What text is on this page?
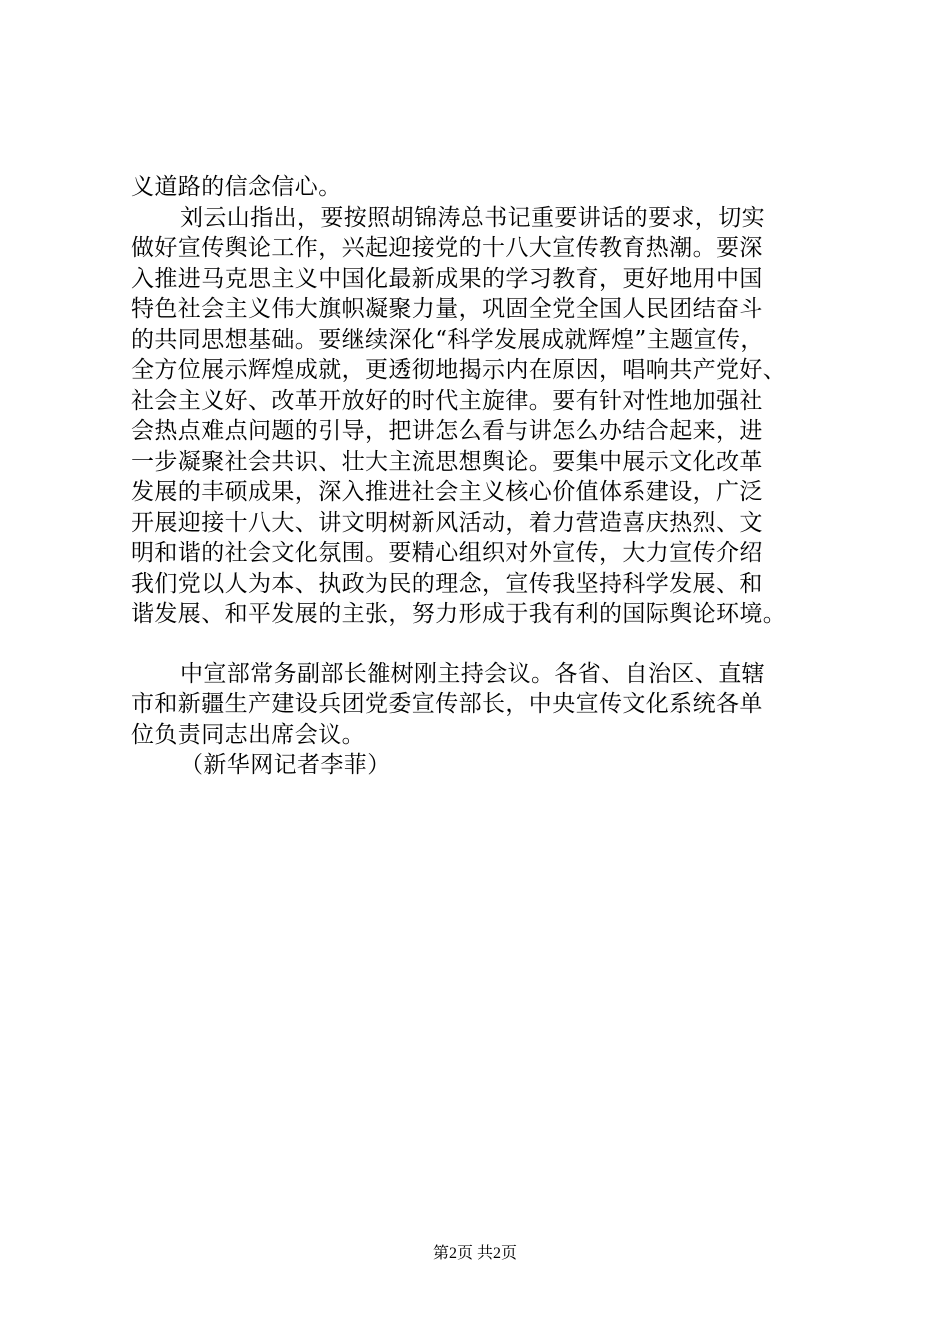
义道路的信念信心。
刘云山指出，要按照胡锦涛总书记重要讲话的要求，切实
做好宣传舆论工作，兴起迎接党的十八大宣传教育热潮。要深
入推进马克思主义中国化最新成果的学习教育，更好地用中国
特色社会主义伟大旗帜凝聚力量，巩固全党全国人民团结奋斗
的共同思想基础。要继续深化“科学发展成就辉煌”主题宣传，
全方位展示辉煌成就，更透彻地揭示内在原因，唱响共产党好、
社会主义好、改革开放好的时代主旋律。要有针对性地加强社
会热点难点问题的引导，把讲怎么看与讲怎么办结合起来，进
一步凝聚社会共识、壮大主流思想舆论。要集中展示文化改革
发展的丰硕成果，深入推进社会主义核心价值体系建设，广泛
开展迎接十八大、讲文明树新风活动，着力营造喜庆热烈、文
明和谐的社会文化氛围。要精心组织对外宣传，大力宣传介绍
我们党以人为本、执政为民的理念，宣传我坚持科学发展、和
谐发展、和平发展的主张，努力形成于我有利的国际舆论环境。
中宣部常务副部长雒树刚主持会议。各省、自治区、直辖
市和新疆生产建设兵团党委宣传部长，中央宣传文化系统各单
位负责同志出席会议。
（新华网记者李菲）
第2页 共2页
